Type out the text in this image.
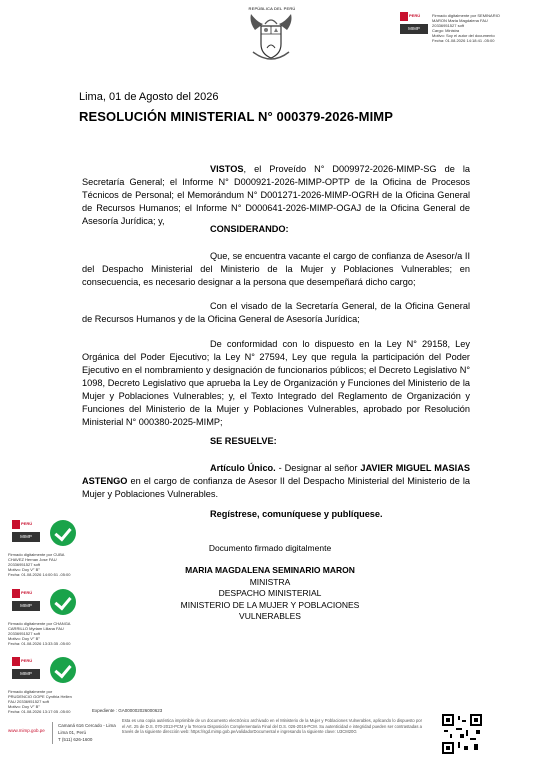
REPÚBLICA DEL PERÚ
PERÚ
MIMP
Firmado digitalmente por SEMINARIO
MARON Maria Magdalena FAU
20336951527 soft
Cargo: Ministra
Motivo: Soy el autor del documento
Fecha: 01.08.2026 14:18:41 -05:00
Lima, 01 de Agosto del 2026
RESOLUCIÓN MINISTERIAL N° 000379-2026-MIMP
VISTOS, el Proveído N° D009972-2026-MIMP-SG de la Secretaría General; el Informe N° D000921-2026-MIMP-OPTP de la Oficina de Procesos Técnicos de Personal; el Memorándum N° D001271-2026-MIMP-OGRH de la Oficina General de Recursos Humanos; el Informe N° D000641-2026-MIMP-OGAJ de la Oficina General de Asesoría Jurídica; y,
CONSIDERANDO:
Que, se encuentra vacante el cargo de confianza de Asesor/a II del Despacho Ministerial del Ministerio de la Mujer y Poblaciones Vulnerables; en consecuencia, es necesario designar a la persona que desempeñará dicho cargo;
Con el visado de la Secretaría General, de la Oficina General de Recursos Humanos y de la Oficina General de Asesoría Jurídica;
De conformidad con lo dispuesto en la Ley N° 29158, Ley Orgánica del Poder Ejecutivo; la Ley N° 27594, Ley que regula la participación del Poder Ejecutivo en el nombramiento y designación de funcionarios públicos; el Decreto Legislativo N° 1098, Decreto Legislativo que aprueba la Ley de Organización y Funciones del Ministerio de la Mujer y Poblaciones Vulnerables; y, el Texto Integrado del Reglamento de Organización y Funciones del Ministerio de la Mujer y Poblaciones Vulnerables, aprobado por Resolución Ministerial N° 000380-2025-MIMP;
SE RESUELVE:
Artículo Único. - Designar al señor JAVIER MIGUEL MASIAS ASTENGO en el cargo de confianza de Asesor II del Despacho Ministerial del Ministerio de la Mujer y Poblaciones Vulnerables.
Regístrese, comuníquese y publíquese.
Documento firmado digitalmente
MARIA MAGDALENA SEMINARIO MARON
MINISTRA
DESPACHO MINISTERIAL
MINISTERIO DE LA MUJER Y POBLACIONES VULNERABLES
PERÚ
MIMP
Firmado digitalmente por CUBA
CHAVEZ Hernan Jose FAU
20336951527 soft
Motivo: Doy V° B°
Fecha: 01.08.2026 14:00:51 -05:00
PERÚ
MIMP
Firmado digitalmente por CHANGA
CARRILLO Myriam Liliana FAU
20336951527 soft
Motivo: Doy V° B°
Fecha: 01.08.2026 13:33:35 -05:00
PERÚ
MIMP
Firmado digitalmente por
PRUDENCIO GOPE Cynthia Hellen
FAU 20336951527 soft
Motivo: Doy V° B°
Fecha: 01.08.2026 13:17:05 -05:00	Expediente : GA000002026000623
www.mimp.gob.pe
Camaná 616 Cercado - Lima
Lima 01, Perú
T (511) 626-1600
Esta es una copia auténtica imprimible de un documento electrónico archivado en el Ministerio de la Mujer y Poblaciones Vulnerables, aplicando lo dispuesto por el Art. 25 de D.S. 070-2013-PCM y la Tercera Disposición Complementaria Final del D.S. 026-2016-PCM. Su autenticidad e integridad pueden ser contrastadas a través de la siguiente dirección web: https://sgd.mimp.gob.pe/validadorDocumental e ingresando la siguiente clave: U3CM20G
